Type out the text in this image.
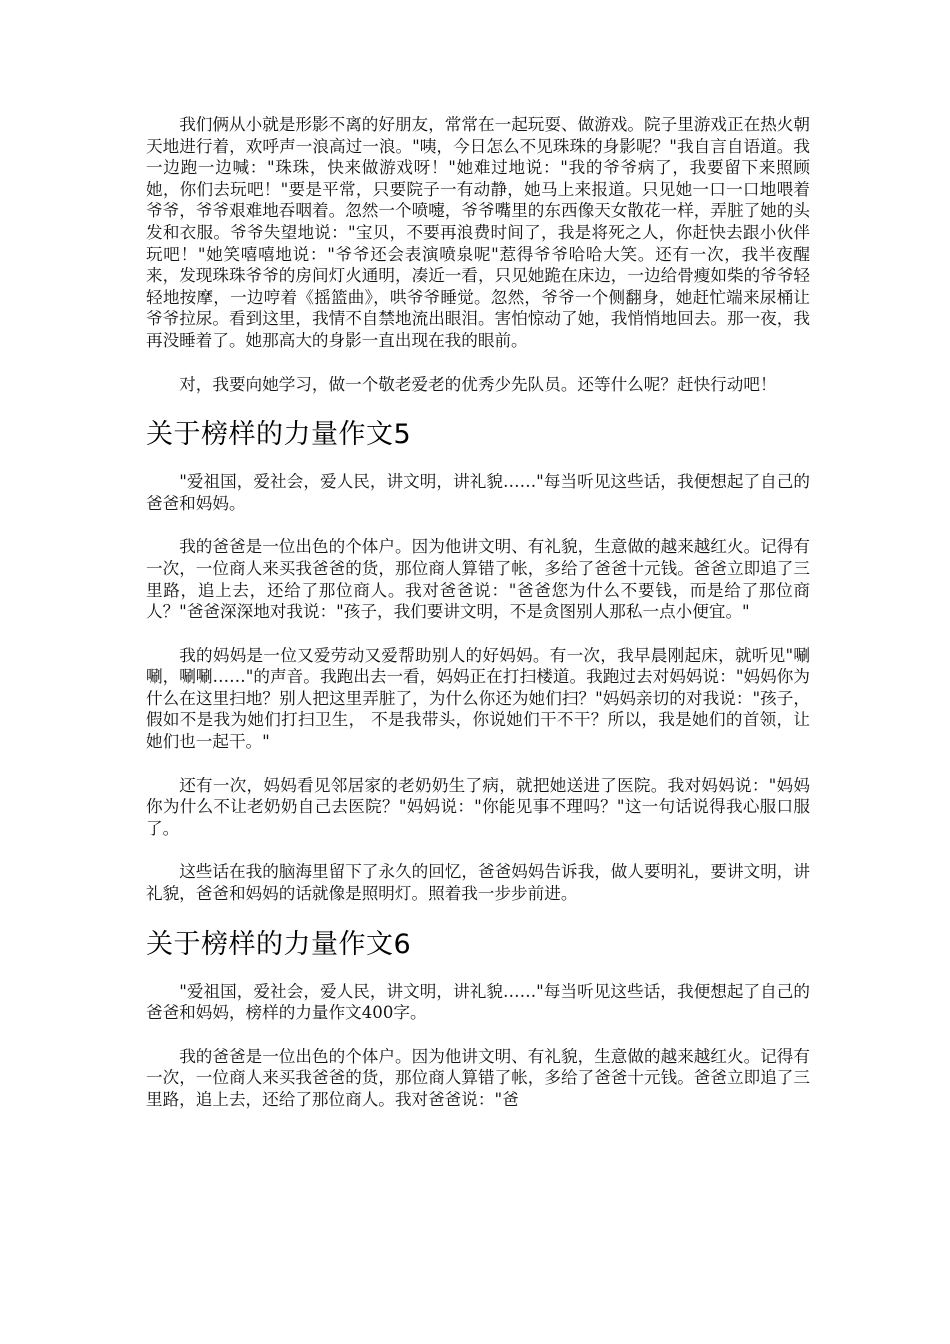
我们俩从小就是形影不离的好朋友，常常在一起玩耍、做游戏。院子里游戏正在热火朝天地进行着，欢呼声一浪高过一浪。"咦，今日怎么不见珠珠的身影呢？"我自言自语道。我一边跑一边喊："珠珠，快来做游戏呀！"她难过地说："我的爷爷病了，我要留下来照顾她，你们去玩吧！"要是平常，只要院子一有动静，她马上来报道。只见她一口一口地喂着爷爷，爷爷艰难地吞咽着。忽然一个喷嚏，爷爷嘴里的东西像天女散花一样，弄脏了她的头发和衣服。爷爷失望地说："宝贝，不要再浪费时间了，我是将死之人，你赶快去跟小伙伴玩吧！"她笑嘻嘻地说："爷爷还会表演喷泉呢"惹得爷爷哈哈大笑。还有一次，我半夜醒来，发现珠珠爷爷的房间灯火通明，凑近一看，只见她跪在床边，一边给骨瘦如柴的爷爷轻轻地按摩，一边哼着《摇篮曲》，哄爷爷睡觉。忽然，爷爷一个侧翻身，她赶忙端来尿桶让爷爷拉尿。看到这里，我情不自禁地流出眼泪。害怕惊动了她，我悄悄地回去。那一夜，我再没睡着了。她那高大的身影一直出现在我的眼前。

对，我要向她学习，做一个敬老爱老的优秀少先队员。还等什么呢？赶快行动吧！

关于榜样的力量作文5

"爱祖国，爱社会，爱人民，讲文明，讲礼貌……"每当听见这些话，我便想起了自己的爸爸和妈妈。

我的爸爸是一位出色的个体户。因为他讲文明、有礼貌，生意做的越来越红火。记得有一次，一位商人来买我爸爸的货，那位商人算错了帐，多给了爸爸十元钱。爸爸立即追了三里路，追上去，还给了那位商人。我对爸爸说："爸爸您为什么不要钱，而是给了那位商人？"爸爸深深地对我说："孩子，我们要讲文明，不是贪图别人那私一点小便宜。"

我的妈妈是一位又爱劳动又爱帮助别人的好妈妈。有一次，我早晨刚起床，就听见"唰唰，唰唰……"的声音。我跑出去一看，妈妈正在打扫楼道。我跑过去对妈妈说："妈妈你为什么在这里扫地？别人把这里弄脏了，为什么你还为她们扫？"妈妈亲切的对我说："孩子，假如不是我为她们打扫卫生， 不是我带头，你说她们干不干？所以，我是她们的首领，让她们也一起干。"

还有一次，妈妈看见邻居家的老奶奶生了病，就把她送进了医院。我对妈妈说："妈妈你为什么不让老奶奶自己去医院？"妈妈说："你能见事不理吗？"这一句话说得我心服口服了。

这些话在我的脑海里留下了永久的回忆，爸爸妈妈告诉我，做人要明礼，要讲文明，讲礼貌，爸爸和妈妈的话就像是照明灯。照着我一步步前进。

关于榜样的力量作文6

"爱祖国，爱社会，爱人民，讲文明，讲礼貌……"每当听见这些话，我便想起了自己的爸爸和妈妈，榜样的力量作文400字。

我的爸爸是一位出色的个体户。因为他讲文明、有礼貌，生意做的越来越红火。记得有一次，一位商人来买我爸爸的货，那位商人算错了帐，多给了爸爸十元钱。爸爸立即追了三里路，追上去，还给了那位商人。我对爸爸说："爸
